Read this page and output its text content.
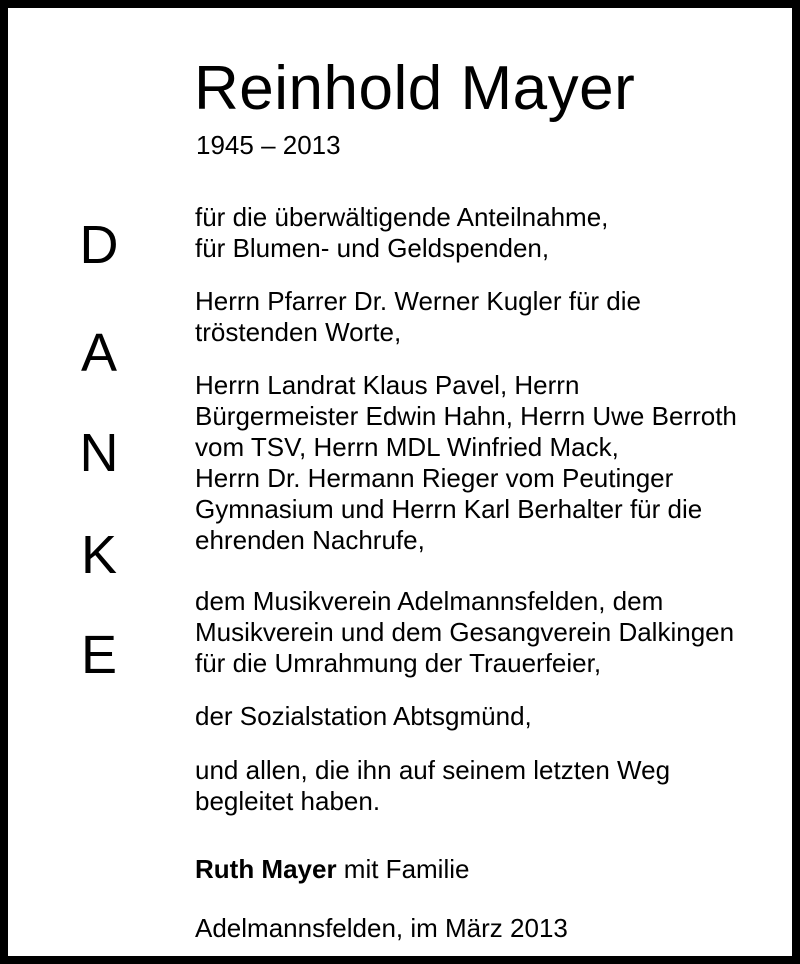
D
A
N
K
E
Reinhold Mayer
1945 – 2013
für die überwältigende Anteilnahme,
für Blumen- und Geldspenden,
Herrn Pfarrer Dr. Werner Kugler für die
tröstenden Worte,
Herrn Landrat Klaus Pavel, Herrn
Bürgermeister Edwin Hahn, Herrn Uwe Berroth
vom TSV, Herrn MDL Winfried Mack,
Herrn Dr. Hermann Rieger vom Peutinger
Gymnasium und Herrn Karl Berhalter für die
ehrenden Nachrufe,
dem Musikverein Adelmannsfelden, dem
Musikverein und dem Gesangverein Dalkingen
für die Umrahmung der Trauerfeier,
der Sozialstation Abtsgmünd,
und allen, die ihn auf seinem letzten Weg
begleitet haben.
Ruth Mayer mit Familie
Adelmannsfelden, im März 2013
